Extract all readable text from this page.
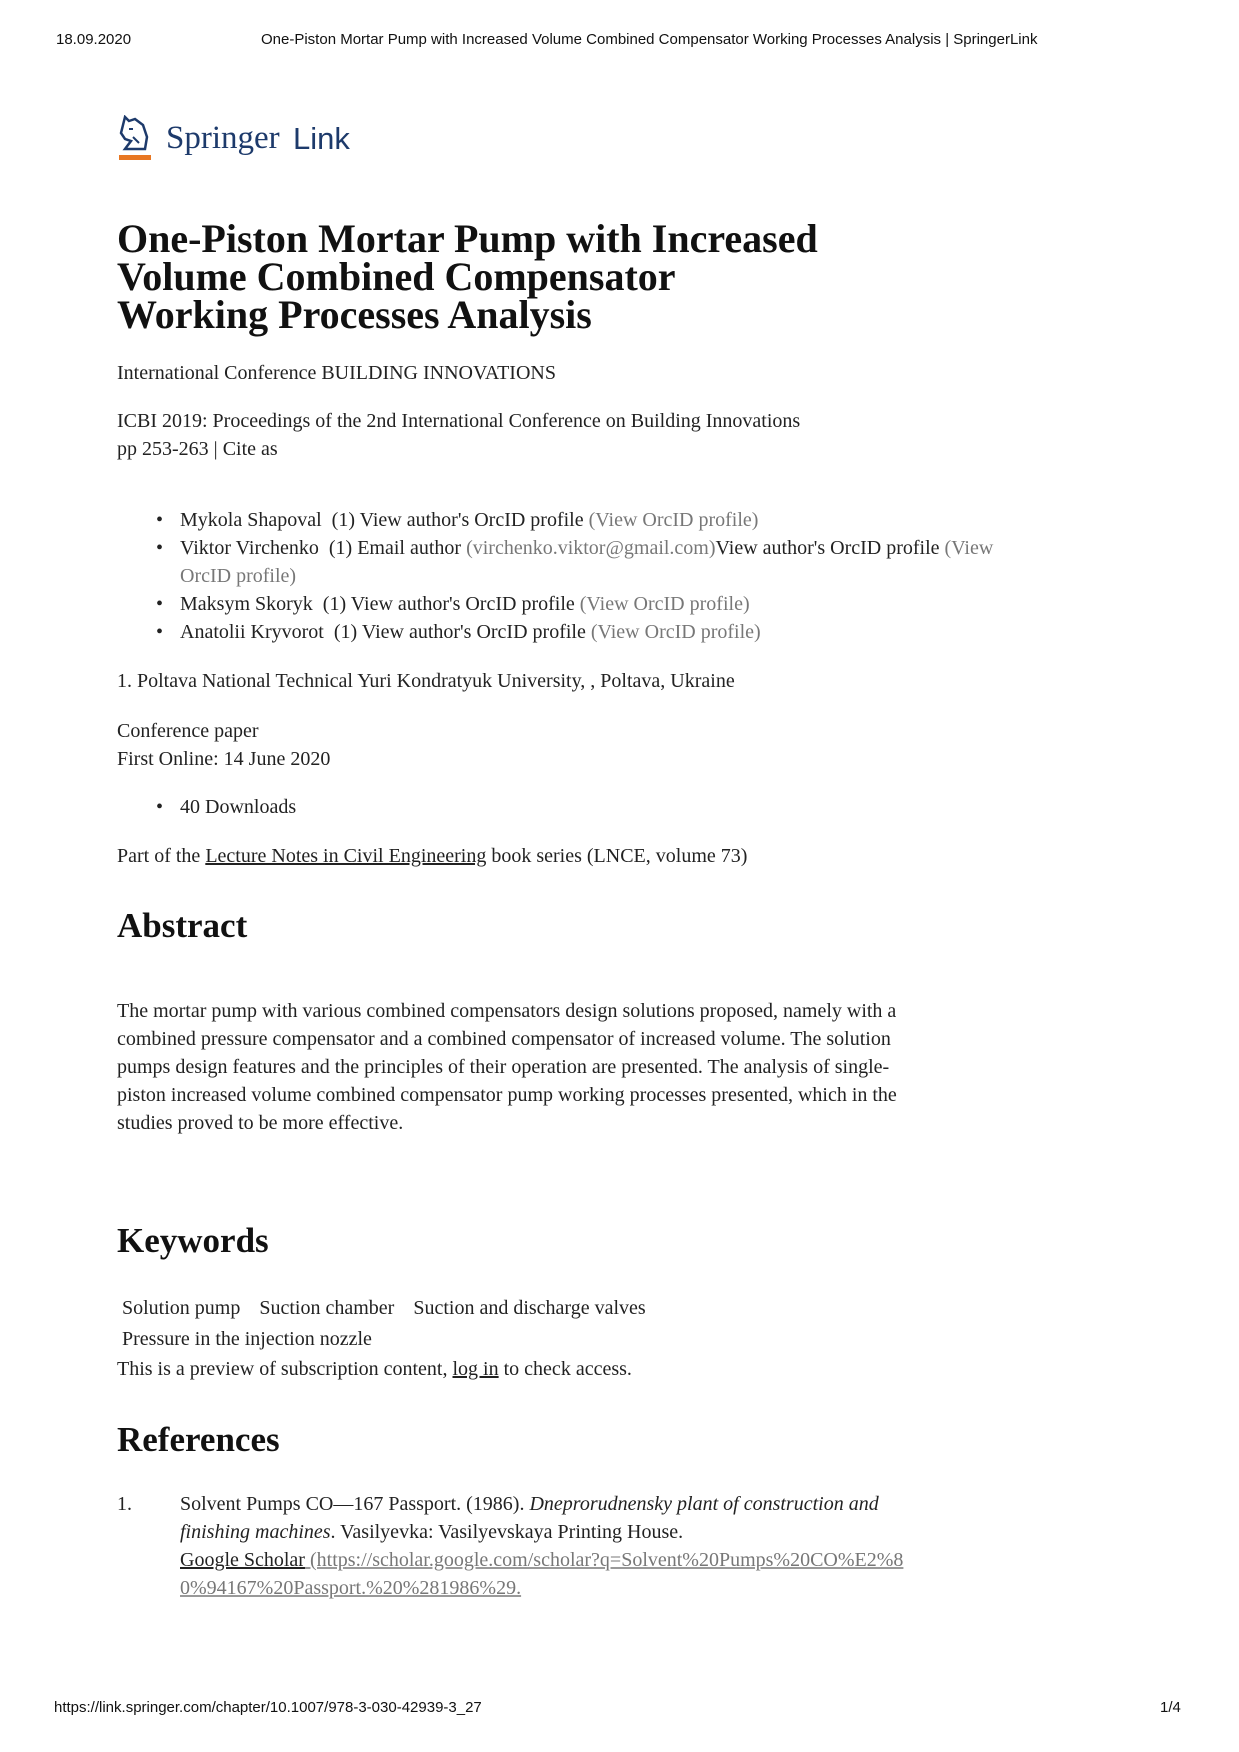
18.09.2020	One-Piston Mortar Pump with Increased Volume Combined Compensator Working Processes Analysis | SpringerLink
Springer Link
One-Piston Mortar Pump with Increased
Volume Combined Compensator
Working Processes Analysis
International Conference BUILDING INNOVATIONS
ICBI 2019: Proceedings of the 2nd International Conference on Building Innovations
pp 253-263 | Cite as
• Mykola Shapoval (1) View author's OrcID profile (View OrcID profile)
• Viktor Virchenko (1) Email author (virchenko.viktor@gmail.com)View author's OrcID profile (View OrcID profile)
• Maksym Skoryk (1) View author's OrcID profile (View OrcID profile)
• Anatolii Kryvorot (1) View author's OrcID profile (View OrcID profile)
1. Poltava National Technical Yuri Kondratyuk University, , Poltava, Ukraine
Conference paper
First Online: 14 June 2020
• 40 Downloads
Part of the Lecture Notes in Civil Engineering book series (LNCE, volume 73)
Abstract
The mortar pump with various combined compensators design solutions proposed, namely with a combined pressure compensator and a combined compensator of increased volume. The solution pumps design features and the principles of their operation are presented. The analysis of single-piston increased volume combined compensator pump working processes presented, which in the studies proved to be more effective.
Keywords
Solution pump Suction chamber Suction and discharge valves
Pressure in the injection nozzle
This is a preview of subscription content, log in to check access.
References
1. Solvent Pumps CO—167 Passport. (1986). Dneprorudnensky plant of construction and finishing machines. Vasilyevka: Vasilyevskaya Printing House.
Google Scholar (https://scholar.google.com/scholar?q=Solvent%20Pumps%20CO%E2%80%94167%20Passport.%20%281986%29.
https://link.springer.com/chapter/10.1007/978-3-030-42939-3_27	1/4
